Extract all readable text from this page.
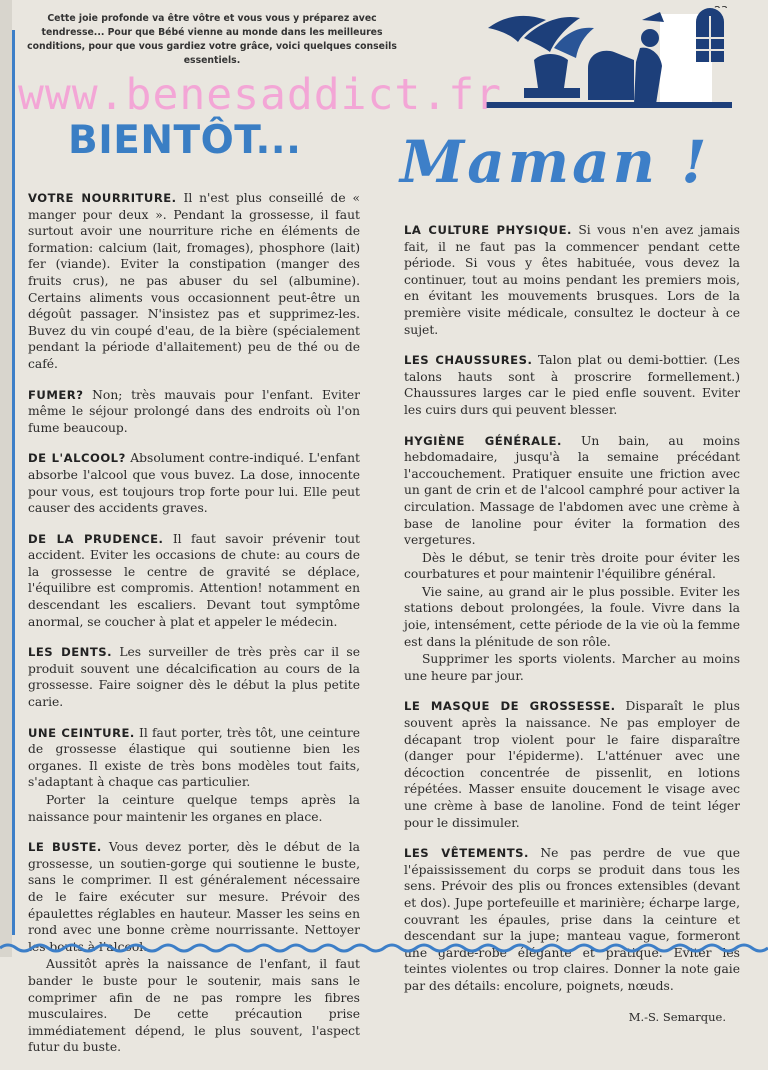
Cette joie profonde va être vôtre et vous vous y préparez avec tendresse... Pour que Bébé vienne au monde dans les meilleures conditions, pour que vous gardiez votre grâce, voici quelques conseils essentiels.
www.benesaddict.fr
BIENTÔT... Maman !

VOTRE NOURRITURE. Il n'est plus conseillé de « manger pour deux ». Pendant la grossesse, il faut surtout avoir une nourriture riche en éléments de formation: calcium (lait, fromages), phosphore (lait) fer (viande). Eviter la constipation (manger des fruits crus), ne pas abuser du sel (albumine). Certains aliments vous occasionnent peut-être un dégoût passager. N'insistez pas et supprimez-les. Buvez du vin coupé d'eau, de la bière (spécialement pendant la période d'allaitement) peu de thé ou de café.

FUMER? Non; très mauvais pour l'enfant. Eviter même le séjour prolongé dans des endroits où l'on fume beaucoup.

DE L'ALCOOL? Absolument contre-indiqué. L'enfant absorbe l'alcool que vous buvez. La dose, innocente pour vous, est toujours trop forte pour lui. Elle peut causer des accidents graves.

DE LA PRUDENCE. Il faut savoir prévenir tout accident. Eviter les occasions de chute: au cours de la grossesse le centre de gravité se déplace, l'équilibre est compromis. Attention! notamment en descendant les escaliers. Devant tout symptôme anormal, se coucher à plat et appeler le médecin.

LES DENTS. Les surveiller de très près car il se produit souvent une décalcification au cours de la grossesse. Faire soigner dès le début la plus petite carie.

UNE CEINTURE. Il faut porter, très tôt, une ceinture de grossesse élastique qui soutienne bien les organes. Il existe de très bons modèles tout faits, s'adaptant à chaque cas particulier.

Porter la ceinture quelque temps après la naissance pour maintenir les organes en place.

LE BUSTE. Vous devez porter, dès le début de la grossesse, un soutien-gorge qui soutienne le buste, sans le comprimer. Il est généralement nécessaire de le faire exécuter sur mesure. Prévoir des épaulettes réglables en hauteur. Masser les seins en rond avec une bonne crème nourrissante. Nettoyer les bouts à l'alcool.

Aussitôt après la naissance de l'enfant, il faut bander le buste pour le soutenir, mais sans le comprimer afin de ne pas rompre les fibres musculaires. De cette précaution prise immédiatement dépend, le plus souvent, l'aspect futur du buste.

LA CULTURE PHYSIQUE. Si vous n'en avez jamais fait, il ne faut pas la commencer pendant cette période. Si vous y êtes habituée, vous devez la continuer, tout au moins pendant les premiers mois, en évitant les mouvements brusques. Lors de la première visite médicale, consultez le docteur à ce sujet.

LES CHAUSSURES. Talon plat ou demi-bottier. (Les talons hauts sont à proscrire formellement.) Chaussures larges car le pied enfle souvent. Eviter les cuirs durs qui peuvent blesser.

HYGIÈNE GÉNÉRALE. Un bain, au moins hebdomadaire, jusqu'à la semaine précédant l'accouchement. Pratiquer ensuite une friction avec un gant de crin et de l'alcool camphré pour activer la circulation. Massage de l'abdomen avec une crème à base de lanoline pour éviter la formation des vergetures.

Dès le début, se tenir très droite pour éviter les courbatures et pour maintenir l'équilibre général.

Vie saine, au grand air le plus possible. Eviter les stations debout prolongées, la foule. Vivre dans la joie, intensément, cette période de la vie où la femme est dans la plénitude de son rôle.

Supprimer les sports violents. Marcher au moins une heure par jour.

LE MASQUE DE GROSSESSE. Disparaît le plus souvent après la naissance. Ne pas employer de décapant trop violent pour le faire disparaître (danger pour l'épiderme). L'atténuer avec une décoction concentrée de pissenlit, en lotions répétées. Masser ensuite doucement le visage avec une crème à base de lanoline. Fond de teint léger pour le dissimuler.

LES VÊTEMENTS. Ne pas perdre de vue que l'épaississement du corps se produit dans tous les sens. Prévoir des plis ou fronces extensibles (devant et dos). Jupe portefeuille et marinière; écharpe large, couvrant les épaules, prise dans la ceinture et descendant sur la jupe; manteau vague, formeront une garde-robe élégante et pratique. Eviter les teintes violentes ou trop claires. Donner la note gaie par des détails: encolure, poignets, nœuds.

M.-S. Semarque.
